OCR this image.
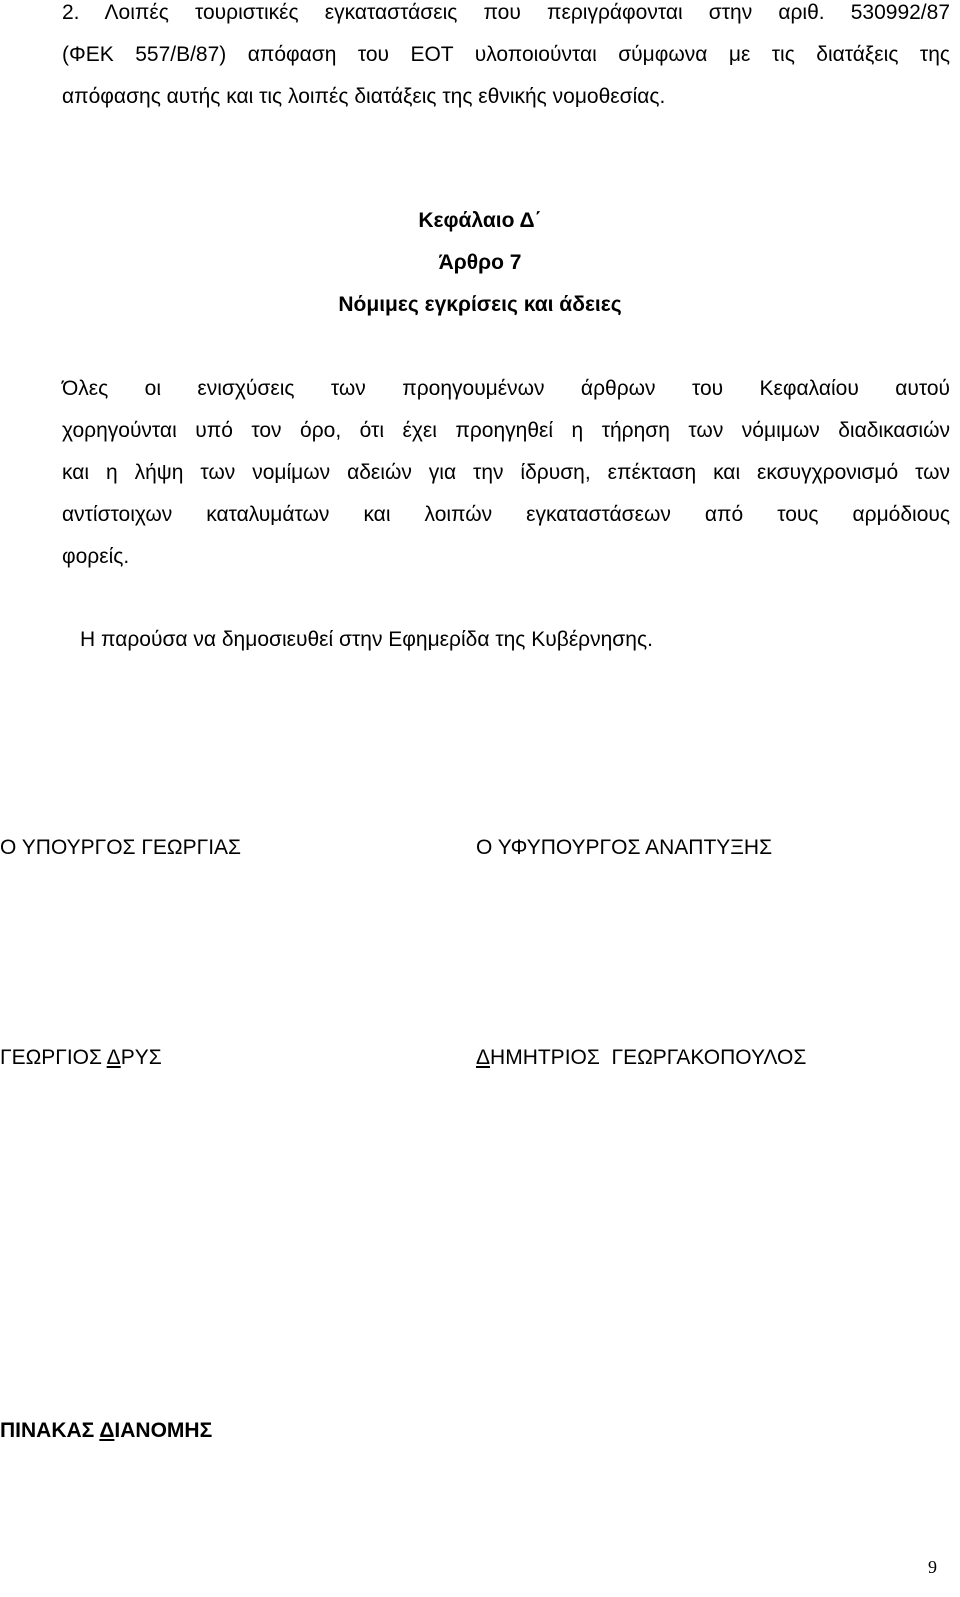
2. Λοιπές τουριστικές εγκαταστάσεις που περιγράφονται στην αριθ. 530992/87
(ΦΕΚ 557/Β/87) απόφαση του ΕΟΤ υλοποιούνται σύμφωνα με τις διατάξεις της
απόφασης αυτής και τις λοιπές διατάξεις της εθνικής νομοθεσίας.
Κεφάλαιο Δ΄
Άρθρο 7
Νόμιμες εγκρίσεις και άδειες
Όλες οι ενισχύσεις των προηγουμένων άρθρων του Κεφαλαίου αυτού
χορηγούνται υπό τον όρο, ότι έχει προηγηθεί η τήρηση των νόμιμων διαδικασιών
και η λήψη των νομίμων αδειών για την ίδρυση, επέκταση και εκσυγχρονισμό των
αντίστοιχων καταλυμάτων και λοιπών εγκαταστάσεων από τους αρμόδιους
φορείς.
Η παρούσα να δημοσιευθεί στην Εφημερίδα της Κυβέρνησης.
Ο ΥΠΟΥΡΓΟΣ ΓΕΩΡΓΙΑΣ	Ο ΥΦΥΠΟΥΡΓΟΣ ΑΝΑΠΤΥΞΗΣ
ΓΕΩΡΓΙΟΣ ΔΡΥΣ	ΔΗΜΗΤΡΙΟΣ  ΓΕΩΡΓΑΚΟΠΟΥΛΟΣ
ΠΙΝΑΚΑΣ ΔΙΑΝΟΜΗΣ
9
